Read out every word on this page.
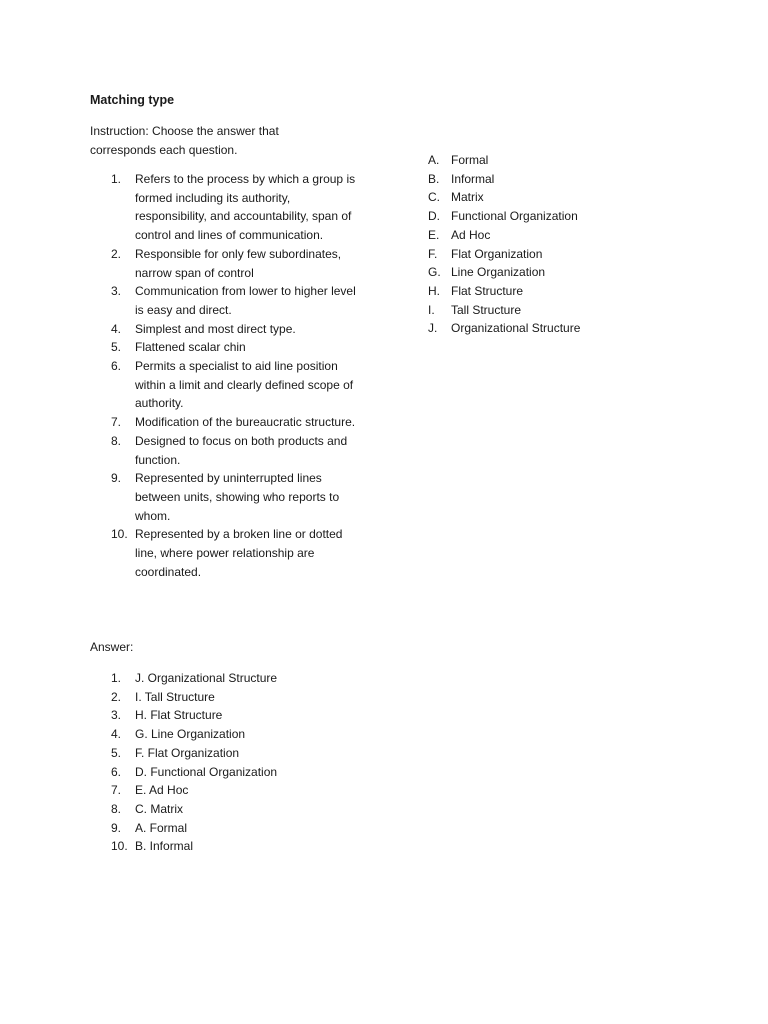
Matching type
Instruction: Choose the answer that corresponds each question.
1.	Refers to the process by which a group is formed including its authority, responsibility, and accountability, span of control and lines of communication.
2.	Responsible for only few subordinates, narrow span of control
3.	Communication from lower to higher level is easy and direct.
4.	Simplest and most direct type.
5.	Flattened scalar chin
6.	Permits a specialist to aid line position within a limit and clearly defined scope of authority.
7.	Modification of the bureaucratic structure.
8.	Designed to focus on both products and function.
9.	Represented by uninterrupted lines between units, showing who reports to whom.
10. Represented by a broken line or dotted line, where power relationship are coordinated.
A. Formal
B. Informal
C. Matrix
D. Functional Organization
E. Ad Hoc
F.	Flat Organization
G. Line Organization
H. Flat Structure
I.	Tall Structure
J.	Organizational Structure
Answer:
1.	J. Organizational Structure
2.	I. Tall Structure
3.	H. Flat Structure
4.	G. Line Organization
5.	F. Flat Organization
6.	D. Functional Organization
7.	E. Ad Hoc
8.	C. Matrix
9.	A. Formal
10. B. Informal
